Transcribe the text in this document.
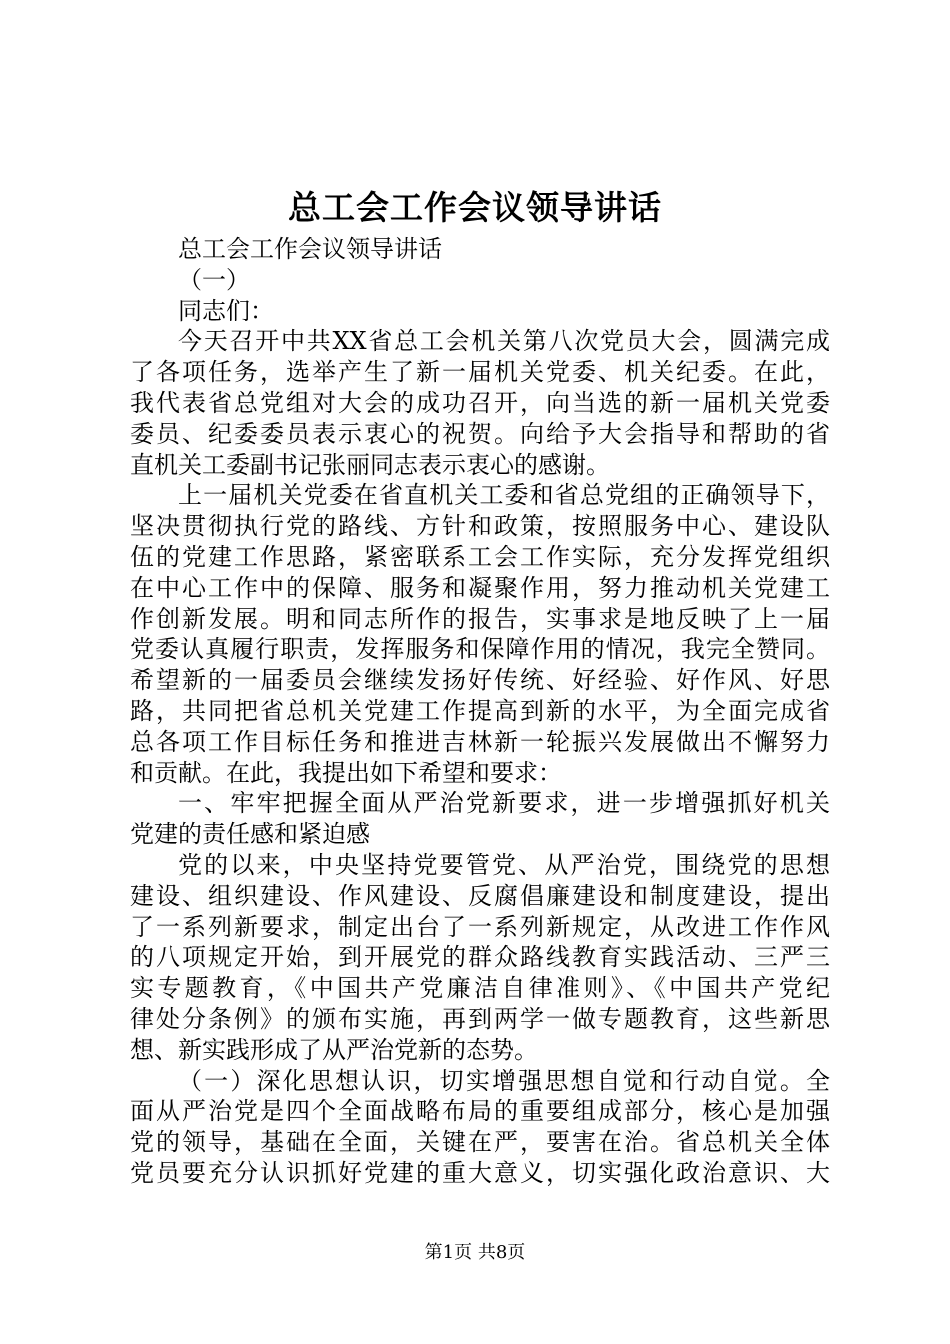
总工会工作会议领导讲话
总工会工作会议领导讲话
（一）
同志们：
今天召开中共XX省总工会机关第八次党员大会，圆满完成
了各项任务，选举产生了新一届机关党委、机关纪委。在此，
我代表省总党组对大会的成功召开，向当选的新一届机关党委
委员、纪委委员表示衷心的祝贺。向给予大会指导和帮助的省
直机关工委副书记张丽同志表示衷心的感谢。
上一届机关党委在省直机关工委和省总党组的正确领导下，
坚决贯彻执行党的路线、方针和政策，按照服务中心、建设队
伍的党建工作思路，紧密联系工会工作实际，充分发挥党组织
在中心工作中的保障、服务和凝聚作用，努力推动机关党建工
作创新发展。明和同志所作的报告，实事求是地反映了上一届
党委认真履行职责，发挥服务和保障作用的情况，我完全赞同。
希望新的一届委员会继续发扬好传统、好经验、好作风、好思
路，共同把省总机关党建工作提高到新的水平，为全面完成省
总各项工作目标任务和推进吉林新一轮振兴发展做出不懈努力
和贡献。在此，我提出如下希望和要求：
一、牢牢把握全面从严治党新要求，进一步增强抓好机关
党建的责任感和紧迫感
党的以来，中央坚持党要管党、从严治党，围绕党的思想
建设、组织建设、作风建设、反腐倡廉建设和制度建设，提出
了一系列新要求，制定出台了一系列新规定，从改进工作作风
的八项规定开始，到开展党的群众路线教育实践活动、三严三
实专题教育，《中国共产党廉洁自律准则》、《中国共产党纪
律处分条例》的颁布实施，再到两学一做专题教育，这些新思
想、新实践形成了从严治党新的态势。
（一）深化思想认识，切实增强思想自觉和行动自觉。全
面从严治党是四个全面战略布局的重要组成部分，核心是加强
党的领导，基础在全面，关键在严，要害在治。省总机关全体
党员要充分认识抓好党建的重大意义，切实强化政治意识、大
第1页 共8页
